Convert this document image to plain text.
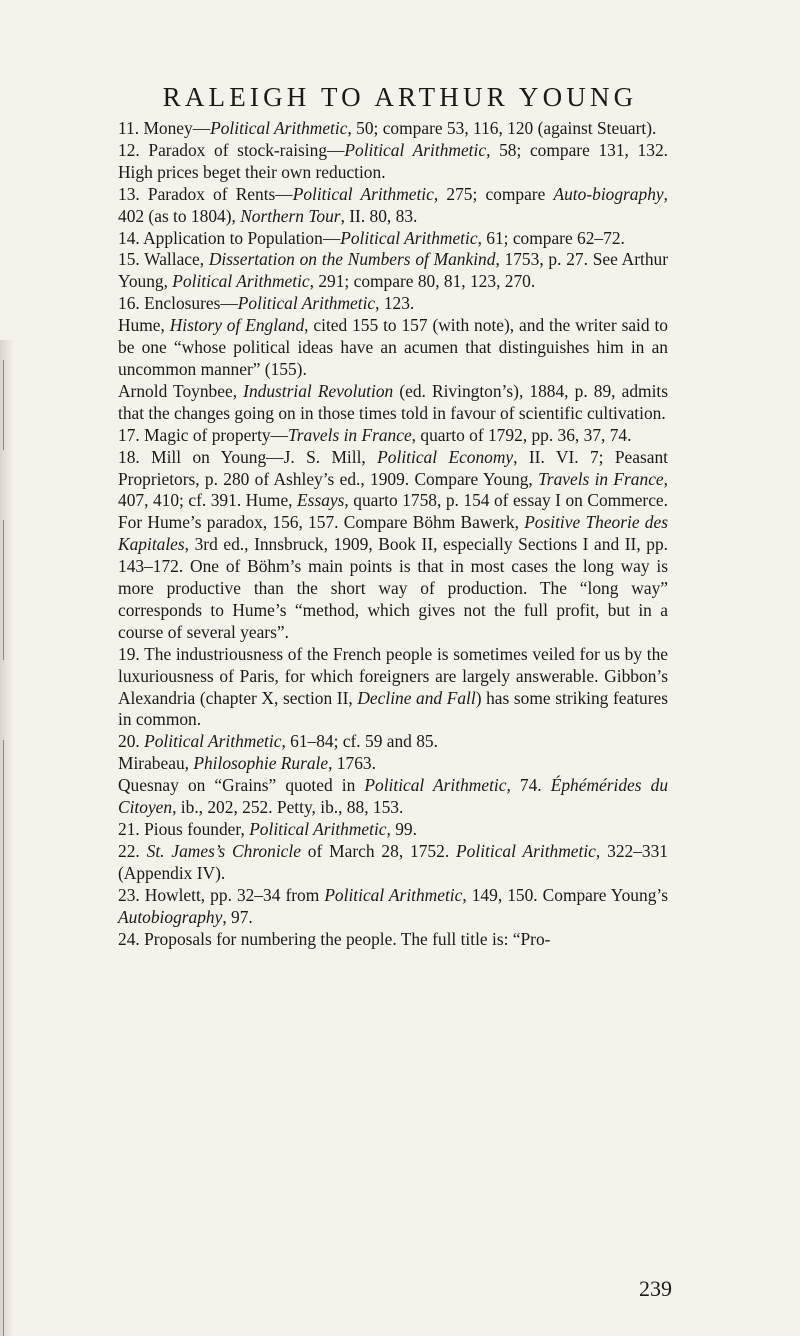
RALEIGH TO ARTHUR YOUNG

11. Money—Political Arithmetic, 50; compare 53, 116, 120 (against Steuart).

12. Paradox of stock-raising—Political Arithmetic, 58; compare 131, 132. High prices beget their own reduction.

13. Paradox of Rents—Political Arithmetic, 275; compare Auto-biography, 402 (as to 1804), Northern Tour, II. 80, 83.

14. Application to Population—Political Arithmetic, 61; compare 62–72.

15. Wallace, Dissertation on the Numbers of Mankind, 1753, p. 27. See Arthur Young, Political Arithmetic, 291; compare 80, 81, 123, 270.

16. Enclosures—Political Arithmetic, 123.

Hume, History of England, cited 155 to 157 (with note), and the writer said to be one “whose political ideas have an acumen that distinguishes him in an uncommon manner” (155).

Arnold Toynbee, Industrial Revolution (ed. Rivington’s), 1884, p. 89, admits that the changes going on in those times told in favour of scientific cultivation.

17. Magic of property—Travels in France, quarto of 1792, pp. 36, 37, 74.

18. Mill on Young—J. S. Mill, Political Economy, II. VI. 7; Peasant Proprietors, p. 280 of Ashley’s ed., 1909. Compare Young, Travels in France, 407, 410; cf. 391. Hume, Essays, quarto 1758, p. 154 of essay I on Commerce. For Hume’s paradox, 156, 157. Compare Böhm Bawerk, Positive Theorie des Kapitales, 3rd ed., Innsbruck, 1909, Book II, especially Sections I and II, pp. 143–172. One of Böhm’s main points is that in most cases the long way is more productive than the short way of production. The “long way” corresponds to Hume’s “method, which gives not the full profit, but in a course of several years”.

19. The industriousness of the French people is sometimes veiled for us by the luxuriousness of Paris, for which foreigners are largely answerable. Gibbon’s Alexandria (chapter X, section II, Decline and Fall) has some striking features in common.

20. Political Arithmetic, 61–84; cf. 59 and 85.

Mirabeau, Philosophie Rurale, 1763.

Quesnay on “Grains” quoted in Political Arithmetic, 74. Éphémérides du Citoyen, ib., 202, 252. Petty, ib., 88, 153.

21. Pious founder, Political Arithmetic, 99.

22. St. James’s Chronicle of March 28, 1752. Political Arithmetic, 322–331 (Appendix IV).

23. Howlett, pp. 32–34 from Political Arithmetic, 149, 150. Compare Young’s Autobiography, 97.

24. Proposals for numbering the people. The full title is: “Pro-

239
